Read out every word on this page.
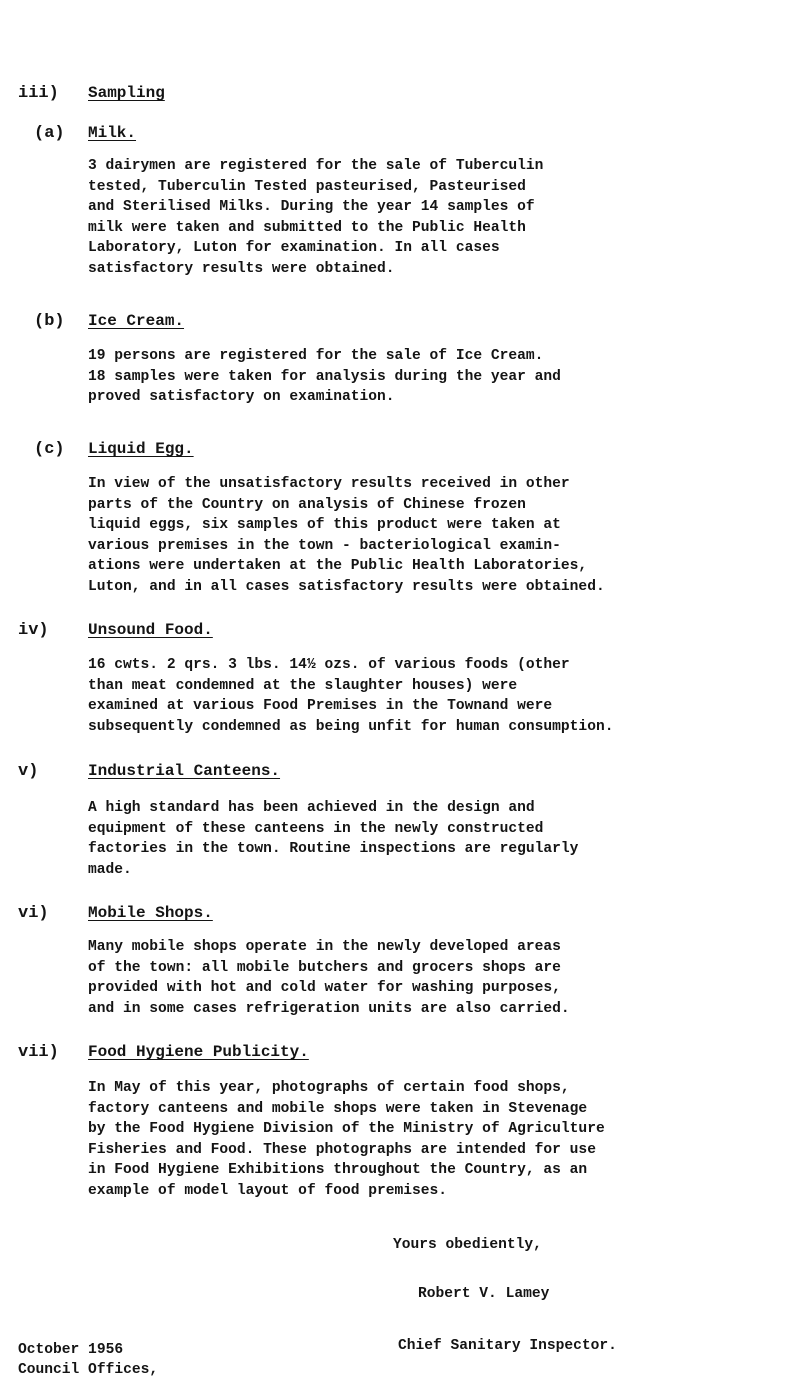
iii) Sampling
(a) Milk.
3 dairymen are registered for the sale of Tuberculin
tested, Tuberculin Tested pasteurised, Pasteurised
and Sterilised Milks. During the year 14 samples of
milk were taken and submitted to the Public Health
Laboratory, Luton for examination. In all cases
satisfactory results were obtained.
(b) Ice Cream.
19 persons are registered for the sale of Ice Cream.
18 samples were taken for analysis during the year and
proved satisfactory on examination.
(c) Liquid Egg.
In view of the unsatisfactory results received in other
parts of the Country on analysis of Chinese frozen
liquid eggs, six samples of this product were taken at
various premises in the town - bacteriological examin-
ations were undertaken at the Public Health Laboratories,
Luton, and in all cases satisfactory results were obtained.
iv) Unsound Food.
16 cwts. 2 qrs. 3 lbs. 14½ ozs. of various foods (other
than meat condemned at the slaughter houses) were
examined at various Food Premises in the Townand were
subsequently condemned as being unfit for human consumption.
v)	Industrial Canteens.
A high standard has been achieved in the design and
equipment of these canteens in the newly constructed
factories in the town. Routine inspections are regularly
made.
vi) Mobile Shops.
Many mobile shops operate in the newly developed areas
of the town: all mobile butchers and grocers shops are
provided with hot and cold water for washing purposes,
and in some cases refrigeration units are also carried.
vii) Food Hygiene Publicity.
In May of this year, photographs of certain food shops,
factory canteens and mobile shops were taken in Stevenage
by the Food Hygiene Division of the Ministry of Agriculture
Fisheries and Food. These photographs are intended for use
in Food Hygiene Exhibitions throughout the Country, as an
example of model layout of food premises.
Yours obediently,
Robert V. Lamey
Chief Sanitary Inspector.
October 1956
Council Offices,
